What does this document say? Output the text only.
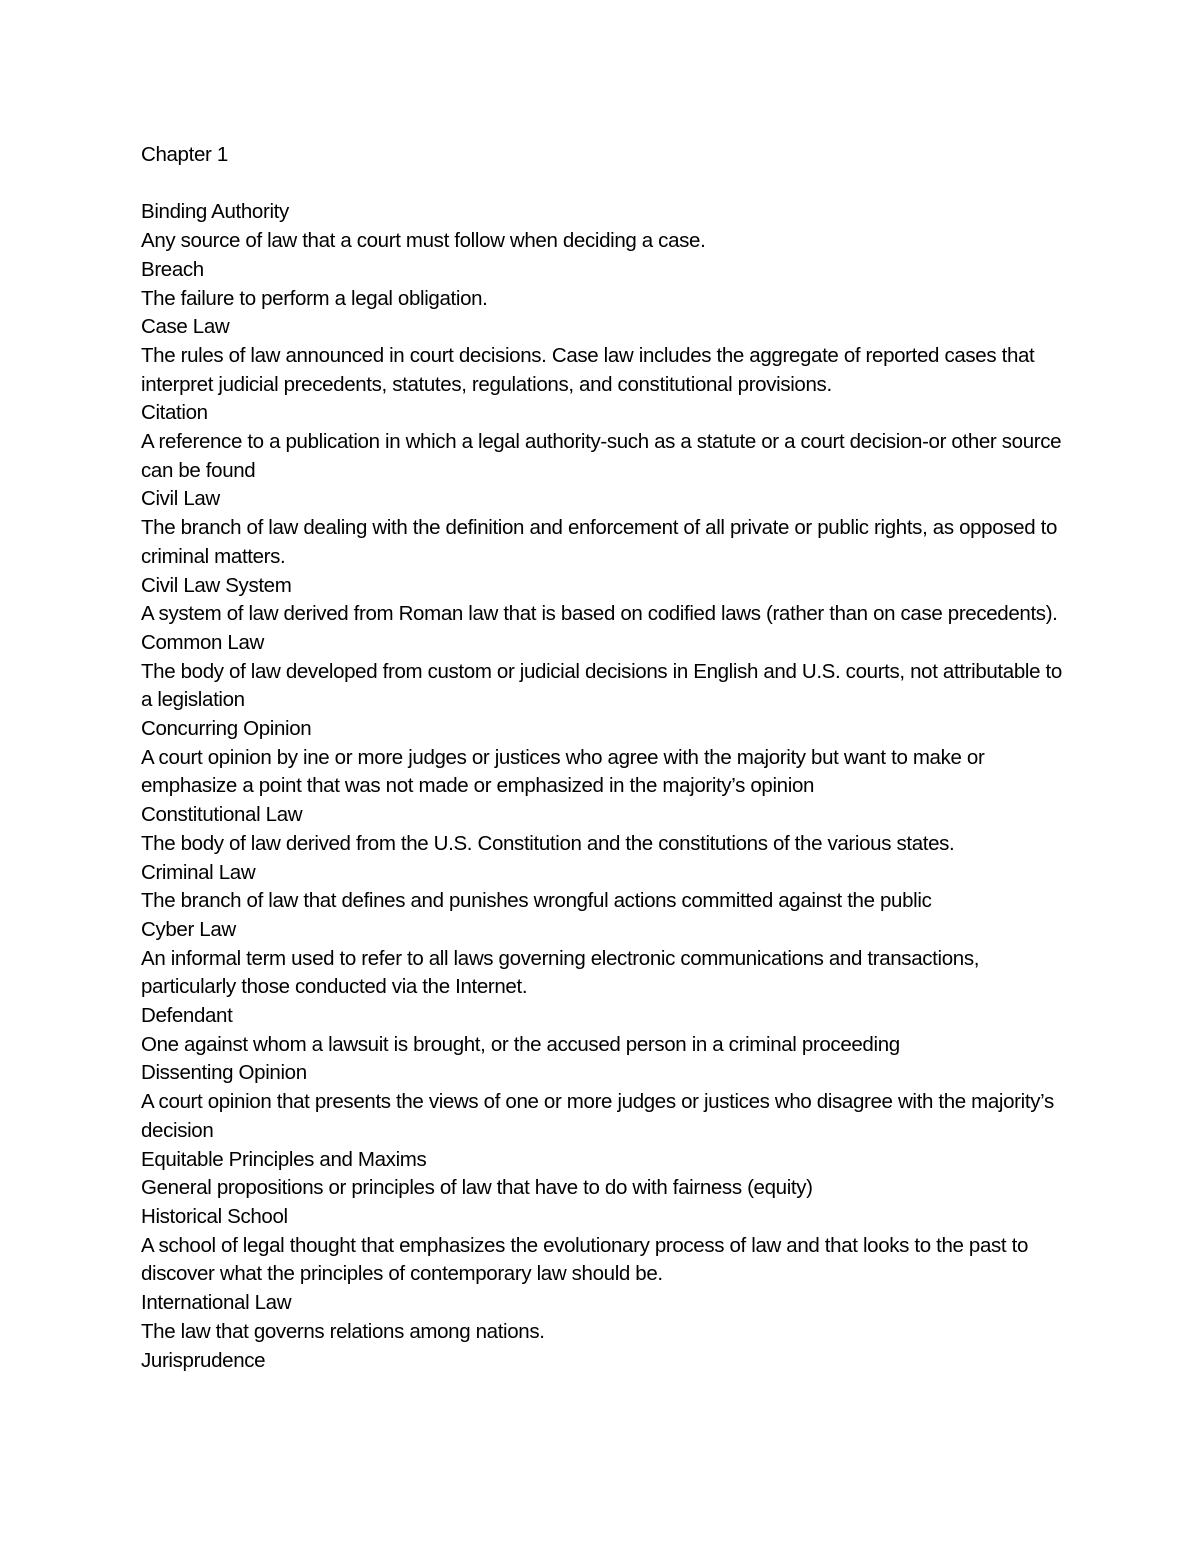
Chapter 1
Binding Authority
Any source of law that a court must follow when deciding a case.
Breach
The failure to perform a legal obligation.
Case Law
The rules of law announced in court decisions. Case law includes the aggregate of reported cases that interpret judicial precedents, statutes, regulations, and constitutional provisions.
Citation
A reference to a publication in which a legal authority-such as a statute or a court decision-or other source can be found
Civil Law
The branch of law dealing with the definition and enforcement of all private or public rights, as opposed to criminal matters.
Civil Law System
A system of law derived from Roman law that is based on codified laws (rather than on case precedents).
Common Law
The body of law developed from custom or judicial decisions in English and U.S. courts, not attributable to a legislation
Concurring Opinion
A court opinion by ine or more judges or justices who agree with the majority but want to make or emphasize a point that was not made or emphasized in the majority’s opinion
Constitutional Law
The body of law derived from the U.S. Constitution and the constitutions of the various states.
Criminal Law
The branch of law that defines and punishes wrongful actions committed against the public
Cyber Law
An informal term used to refer to all laws governing electronic communications and transactions, particularly those conducted via the Internet.
Defendant
One against whom a lawsuit is brought, or the accused person in a criminal proceeding
Dissenting Opinion
A court opinion that presents the views of one or more judges or justices who disagree with the majority’s decision
Equitable Principles and Maxims
General propositions or principles of law that have to do with fairness (equity)
Historical School
A school of legal thought that emphasizes the evolutionary process of law and that looks to the past to discover what the principles of contemporary law should be.
International Law
The law that governs relations among nations.
Jurisprudence
